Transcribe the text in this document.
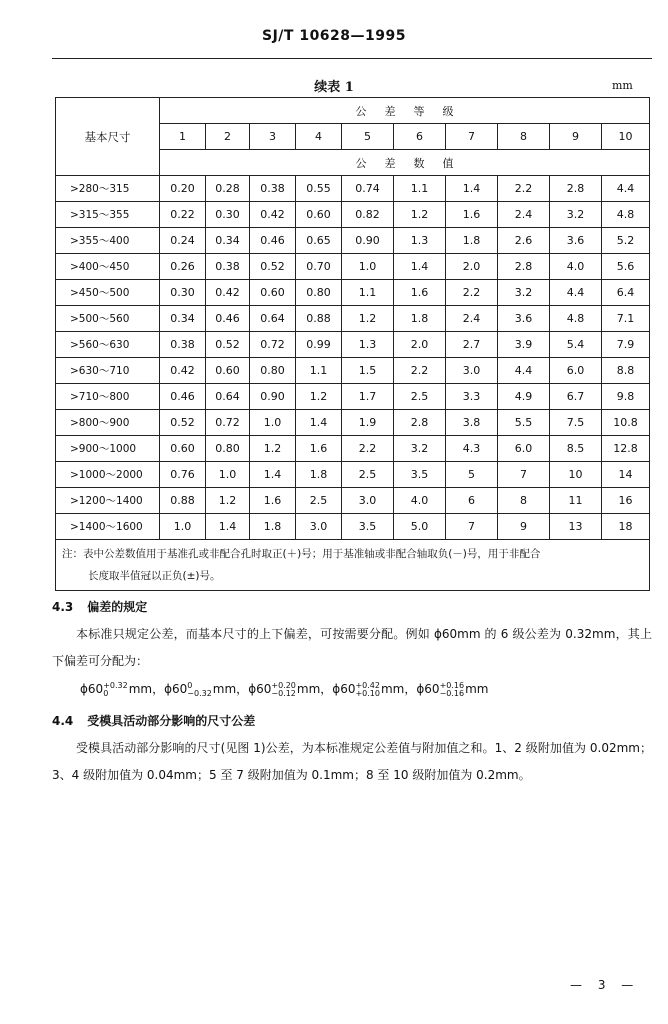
SJ/T 10628—1995
续表 1	mm
基本尺寸	公差等级									
	1	2	3	4	5	6	7	8	9	10
	公差数值									
>280～315	0.20	0.28	0.38	0.55	0.74	1.1	1.4	2.2	2.8	4.4
>315～355	0.22	0.30	0.42	0.60	0.82	1.2	1.6	2.4	3.2	4.8
>355～400	0.24	0.34	0.46	0.65	0.90	1.3	1.8	2.6	3.6	5.2
>400～450	0.26	0.38	0.52	0.70	1.0	1.4	2.0	2.8	4.0	5.6
>450～500	0.30	0.42	0.60	0.80	1.1	1.6	2.2	3.2	4.4	6.4
>500～560	0.34	0.46	0.64	0.88	1.2	1.8	2.4	3.6	4.8	7.1
>560～630	0.38	0.52	0.72	0.99	1.3	2.0	2.7	3.9	5.4	7.9
>630～710	0.42	0.60	0.80	1.1	1.5	2.2	3.0	4.4	6.0	8.8
>710～800	0.46	0.64	0.90	1.2	1.7	2.5	3.3	4.9	6.7	9.8
>800～900	0.52	0.72	1.0	1.4	1.9	2.8	3.8	5.5	7.5	10.8
>900～1000	0.60	0.80	1.2	1.6	2.2	3.2	4.3	6.0	8.5	12.8
>1000～2000	0.76	1.0	1.4	1.8	2.5	3.5	5	7	10	14
>1200～1400	0.88	1.2	1.6	2.5	3.0	4.0	6	8	11	16
>1400～1600	1.0	1.4	1.8	3.0	3.5	5.0	7	9	13	18
注：表中公差数值用于基准孔或非配合孔时取正(＋)号；用于基准轴或非配合轴取负(－)号，用于非配合
长度取半值冠以正负(±)号。										
4.3 偏差的规定
本标准只规定公差，而基本尺寸的上下偏差，可按需要分配。例如 ϕ60mm 的 6 级公差为 0.32mm，其上下偏差可分配为：
ϕ60 +0.32
0	mm，ϕ60 0
−0.32 mm，ϕ60 +0.20
−0.12 mm，ϕ60 +0.42
+0.10 mm，ϕ60 +0.16
−0.16 mm
4.4 受模具活动部分影响的尺寸公差
受模具活动部分影响的尺寸(见图 1)公差，为本标准规定公差值与附加值之和。1、2 级附加值为 0.02mm；3、4 级附加值为 0.04mm；5 至 7 级附加值为 0.1mm；8 至 10 级附加值为 0.2mm。
— 3 —
